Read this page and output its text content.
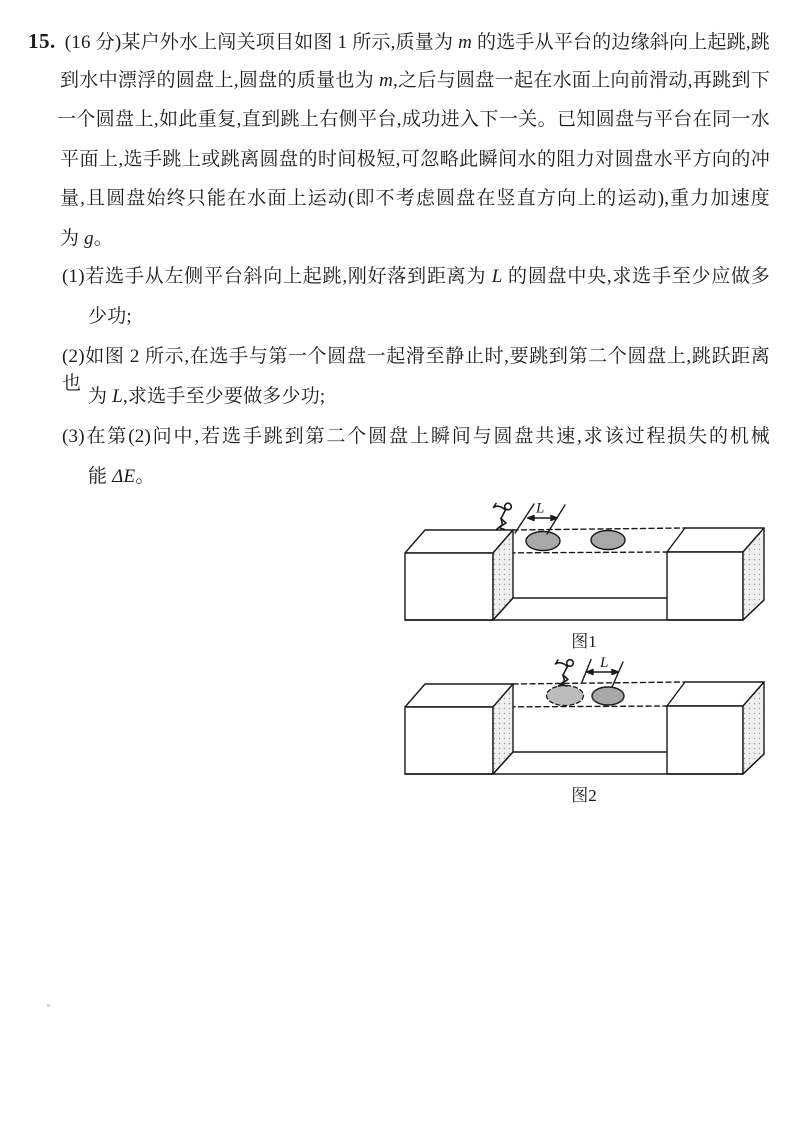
15. (16 分)某户外水上闯关项目如图 1 所示,质量为 m 的选手从平台的边缘斜向上起跳,跳
到水中漂浮的圆盘上,圆盘的质量也为 m,之后与圆盘一起在水面上向前滑动,再跳到下
一个圆盘上,如此重复,直到跳上右侧平台,成功进入下一关。已知圆盘与平台在同一水
平面上,选手跳上或跳离圆盘的时间极短,可忽略此瞬间水的阻力对圆盘水平方向的冲
量,且圆盘始终只能在水面上运动(即不考虑圆盘在竖直方向上的运动),重力加速度
为 g。
(1)若选手从左侧平台斜向上起跳,刚好落到距离为 L 的圆盘中央,求选手至少应做多
少功;
(2)如图 2 所示,在选手与第一个圆盘一起滑至静止时,要跳到第二个圆盘上,跳跃距离也
为 L,求选手至少要做多少功;
(3)在第(2)问中,若选手跳到第二个圆盘上瞬间与圆盘共速,求该过程损失的机械
能 ΔE。
L
图1
L
图2
